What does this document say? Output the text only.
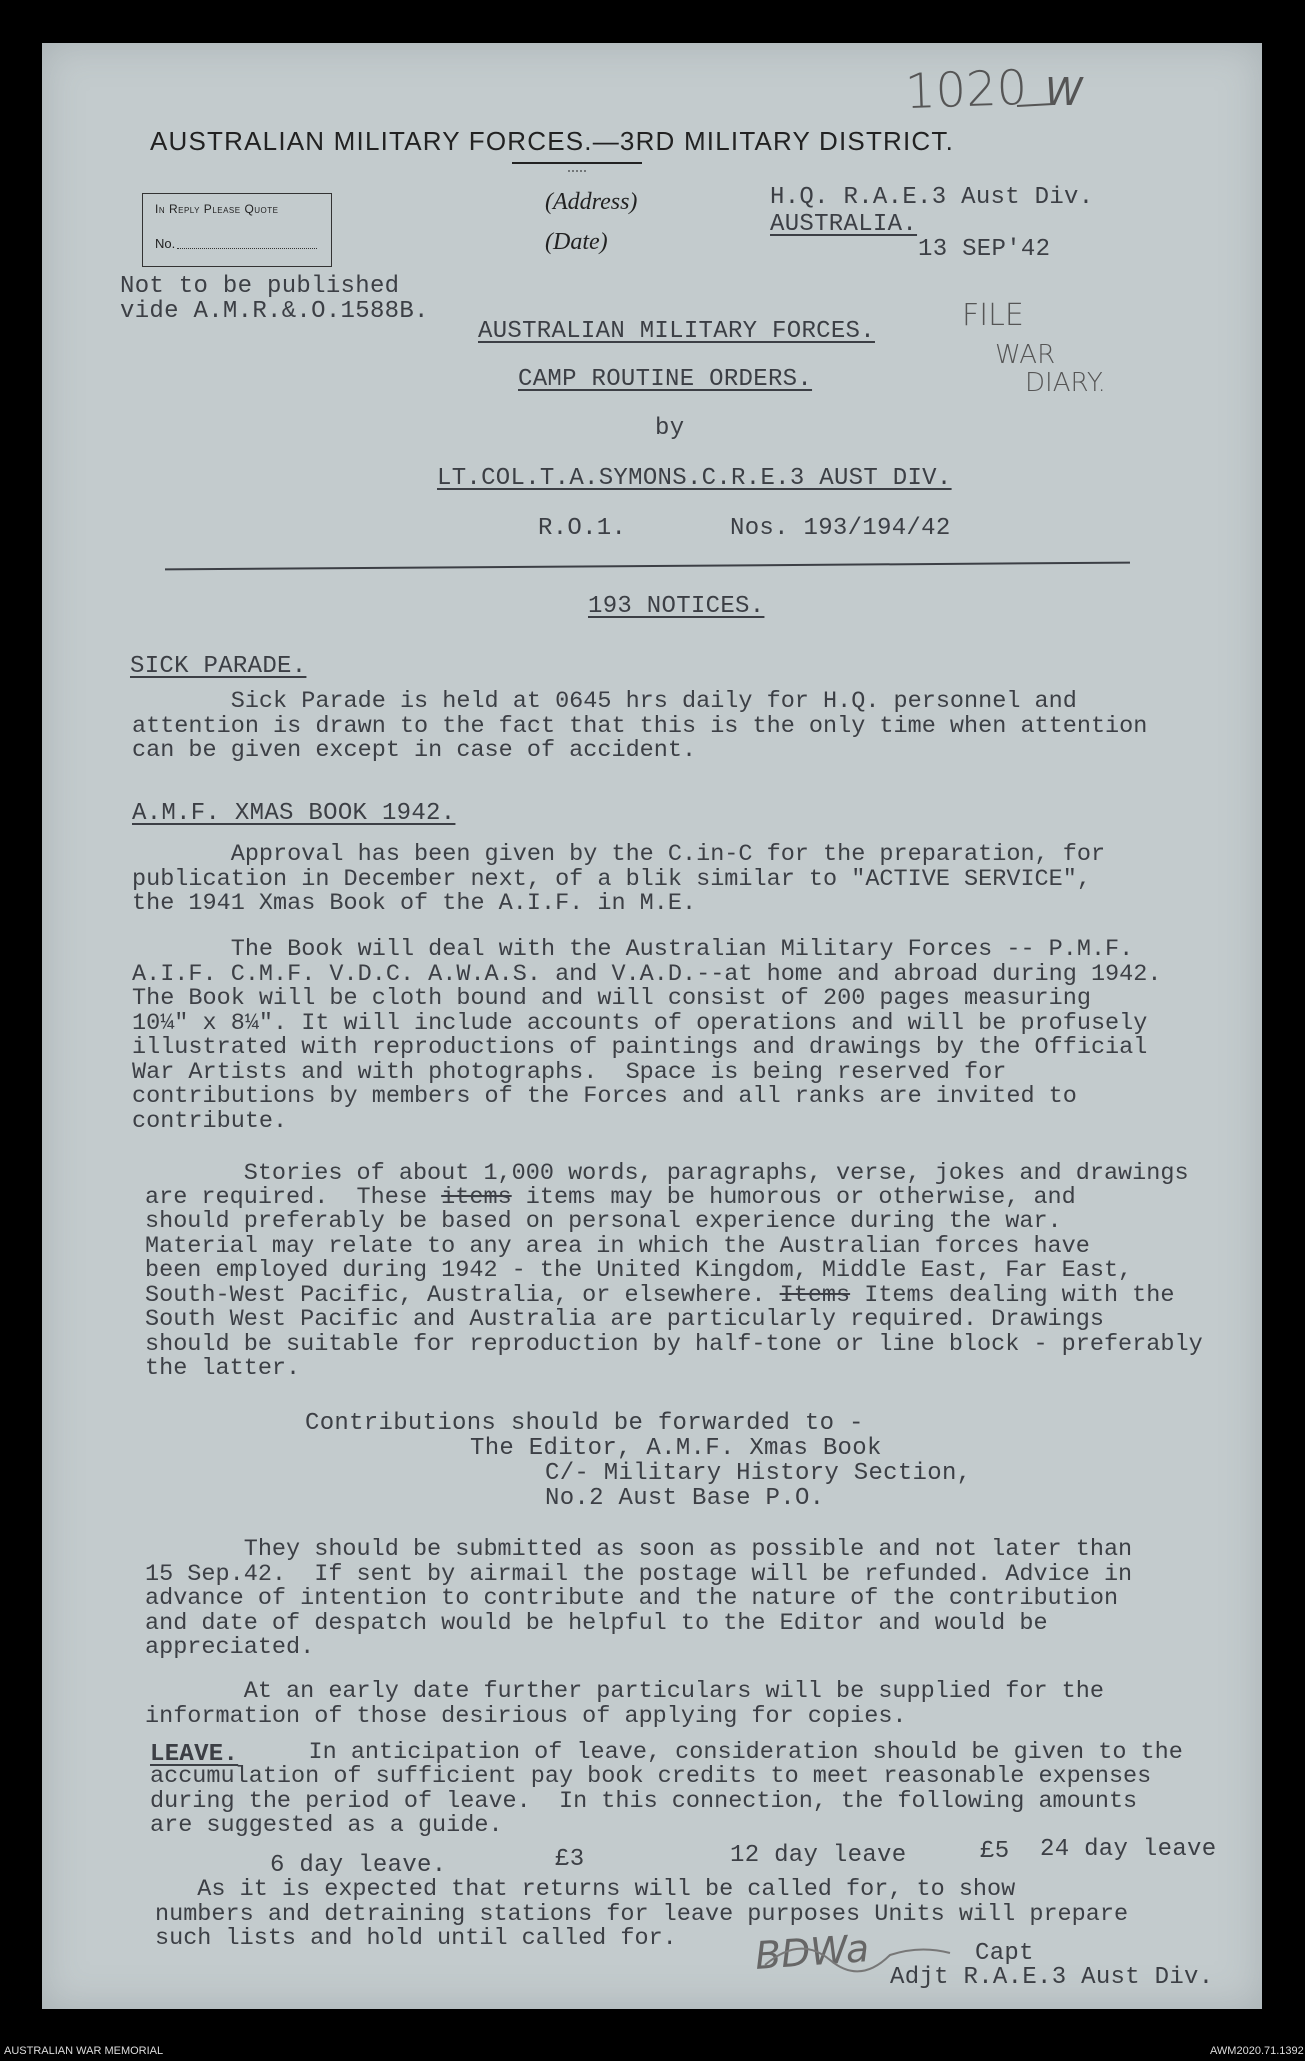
1020 W
AUSTRALIAN MILITARY FORCES.—3RD MILITARY DISTRICT.
In Reply Please Quote
No.
(Address)
(Date)
H.Q. R.A.E.3 Aust Div.
AUSTRALIA.
13 SEP'42
Not to be published
vide A.M.R.&.O.1588B.	FILE
WAR
DIARY.
AUSTRALIAN MILITARY FORCES.
CAMP ROUTINE ORDERS.
by
LT.COL.T.A.SYMONS.C.R.E.3 AUST DIV.
R.O.1.	Nos. 193/194/42
193 NOTICES.
SICK PARADE.
Sick Parade is held at 0645 hrs daily for H.Q. personnel and
attention is drawn to the fact that this is the only time when attention
can be given except in case of accident.
A.M.F. XMAS BOOK 1942.
Approval has been given by the C.in-C for the preparation, for
publication in December next, of a blik similar to "ACTIVE SERVICE",
the 1941 Xmas Book of the A.I.F. in M.E.
The Book will deal with the Australian Military Forces -- P.M.F.
A.I.F. C.M.F. V.D.C. A.W.A.S. and V.A.D.--at home and abroad during 1942.
The Book will be cloth bound and will consist of 200 pages measuring
10¼" x 8¼". It will include accounts of operations and will be profusely
illustrated with reproductions of paintings and drawings by the Official
War Artists and with photographs.  Space is being reserved for
contributions by members of the Forces and all ranks are invited to
contribute.
Stories of about 1,000 words, paragraphs, verse, jokes and drawings
are required.  These items items may be humorous or otherwise, and
should preferably be based on personal experience during the war.
Material may relate to any area in which the Australian forces have
been employed during 1942 - the United Kingdom, Middle East, Far East,
South-West Pacific, Australia, or elsewhere. Items Items dealing with the
South West Pacific and Australia are particularly required. Drawings
should be suitable for reproduction by half-tone or line block - preferably
the latter.
Contributions should be forwarded to -
The Editor, A.M.F. Xmas Book
C/- Military History Section,
No.2 Aust Base P.O.
They should be submitted as soon as possible and not later than
15 Sep.42.  If sent by airmail the postage will be refunded. Advice in
advance of intention to contribute and the nature of the contribution
and date of despatch would be helpful to the Editor and would be
appreciated.
At an early date further particulars will be supplied for the
information of those desirious of applying for copies.
LEAVE. In anticipation of leave, consideration should be given to the
accumulation of sufficient pay book credits to meet reasonable expenses
during the period of leave.  In this connection, the following amounts
are suggested as a guide.
6 day leave.	£3	12 day leave	£5 24 day leave
As it is expected that returns will be called for, to show
numbers and detraining stations for leave purposes Units will prepare
such lists and hold until called for.	BDWa	Capt
Adjt R.A.E.3 Aust Div.
AUSTRALIAN WAR MEMORIAL	AWM2020.71.1392
